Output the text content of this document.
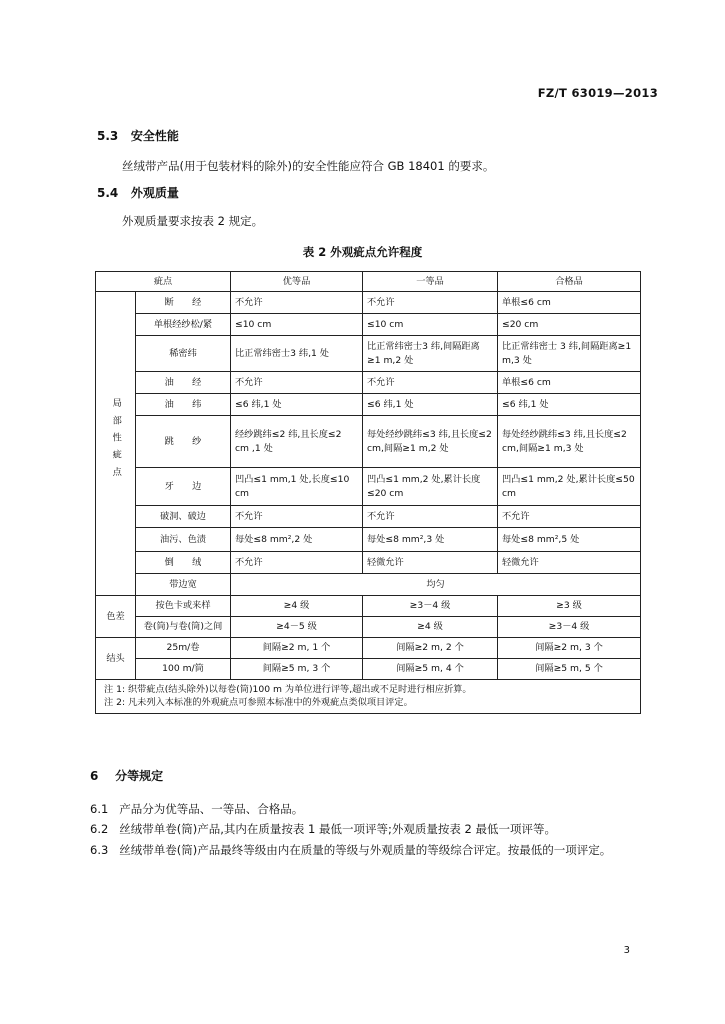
FZ/T 63019—2013
5.3 安全性能
丝绒带产品(用于包装材料的除外)的安全性能应符合 GB 18401 的要求。
5.4 外观质量
外观质量要求按表 2 规定。
表 2 外观疵点允许程度
疵点		优等品	一等品	合格品
局部性疵点	断　　经	不允许	不允许	单根≤6 cm
	单根经纱松/紧	≤10 cm	≤10 cm	≤20 cm
	稀密纬	比正常纬密士3 纬,1 处	比正常纬密士3 纬,间隔距离≥1 m,2 处	比正常纬密士 3 纬,间隔距离≥1 m,3 处
	油　　经	不允许	不允许	单根≤6 cm
	油　　纬	≤6 纬,1 处	≤6 纬,1 处	≤6 纬,1 处
	跳　　纱	经纱跳纬≤2 纬,且长度≤2 cm ,1 处	每处经纱跳纬≤3 纬,且长度≤2 cm,间隔≥1 m,2 处	每处经纱跳纬≤3 纬,且长度≤2 cm,间隔≥1 m,3 处
	牙　　边	凹凸≤1 mm,1 处,长度≤10 cm	凹凸≤1 mm,2 处,累计长度≤20 cm	凹凸≤1 mm,2 处,累计长度≤50 cm
	破洞、破边	不允许	不允许	不允许
	油污、色渍	每处≤8 mm²,2 处	每处≤8 mm²,3 处	每处≤8 mm²,5 处
	倒　　绒	不允许	轻微允许	轻微允许
	带边宽	均匀		
色差	按色卡或来样	≥4 级	≥3－4 级	≥3 级
	卷(筒)与卷(筒)之间	≥4－5 级	≥4 级	≥3－4 级
结头	25m/卷	间隔≥2 m, 1 个	间隔≥2 m, 2 个	间隔≥2 m, 3 个
	100 m/筒	间隔≥5 m, 3 个	间隔≥5 m, 4 个	间隔≥5 m, 5 个

注 1: 织带疵点(结头除外)以每卷(筒)100 m 为单位进行评等,超出或不足时进行相应折算。
注 2: 凡未列入本标准的外观疵点可参照本标准中的外观疵点类似项目评定。				
6 分等规定
6.1 产品分为优等品、一等品、合格品。
6.2 丝绒带单卷(筒)产品,其内在质量按表 1 最低一项评等;外观质量按表 2 最低一项评等。
6.3 丝绒带单卷(筒)产品最终等级由内在质量的等级与外观质量的等级综合评定。按最低的一项评定。
3
